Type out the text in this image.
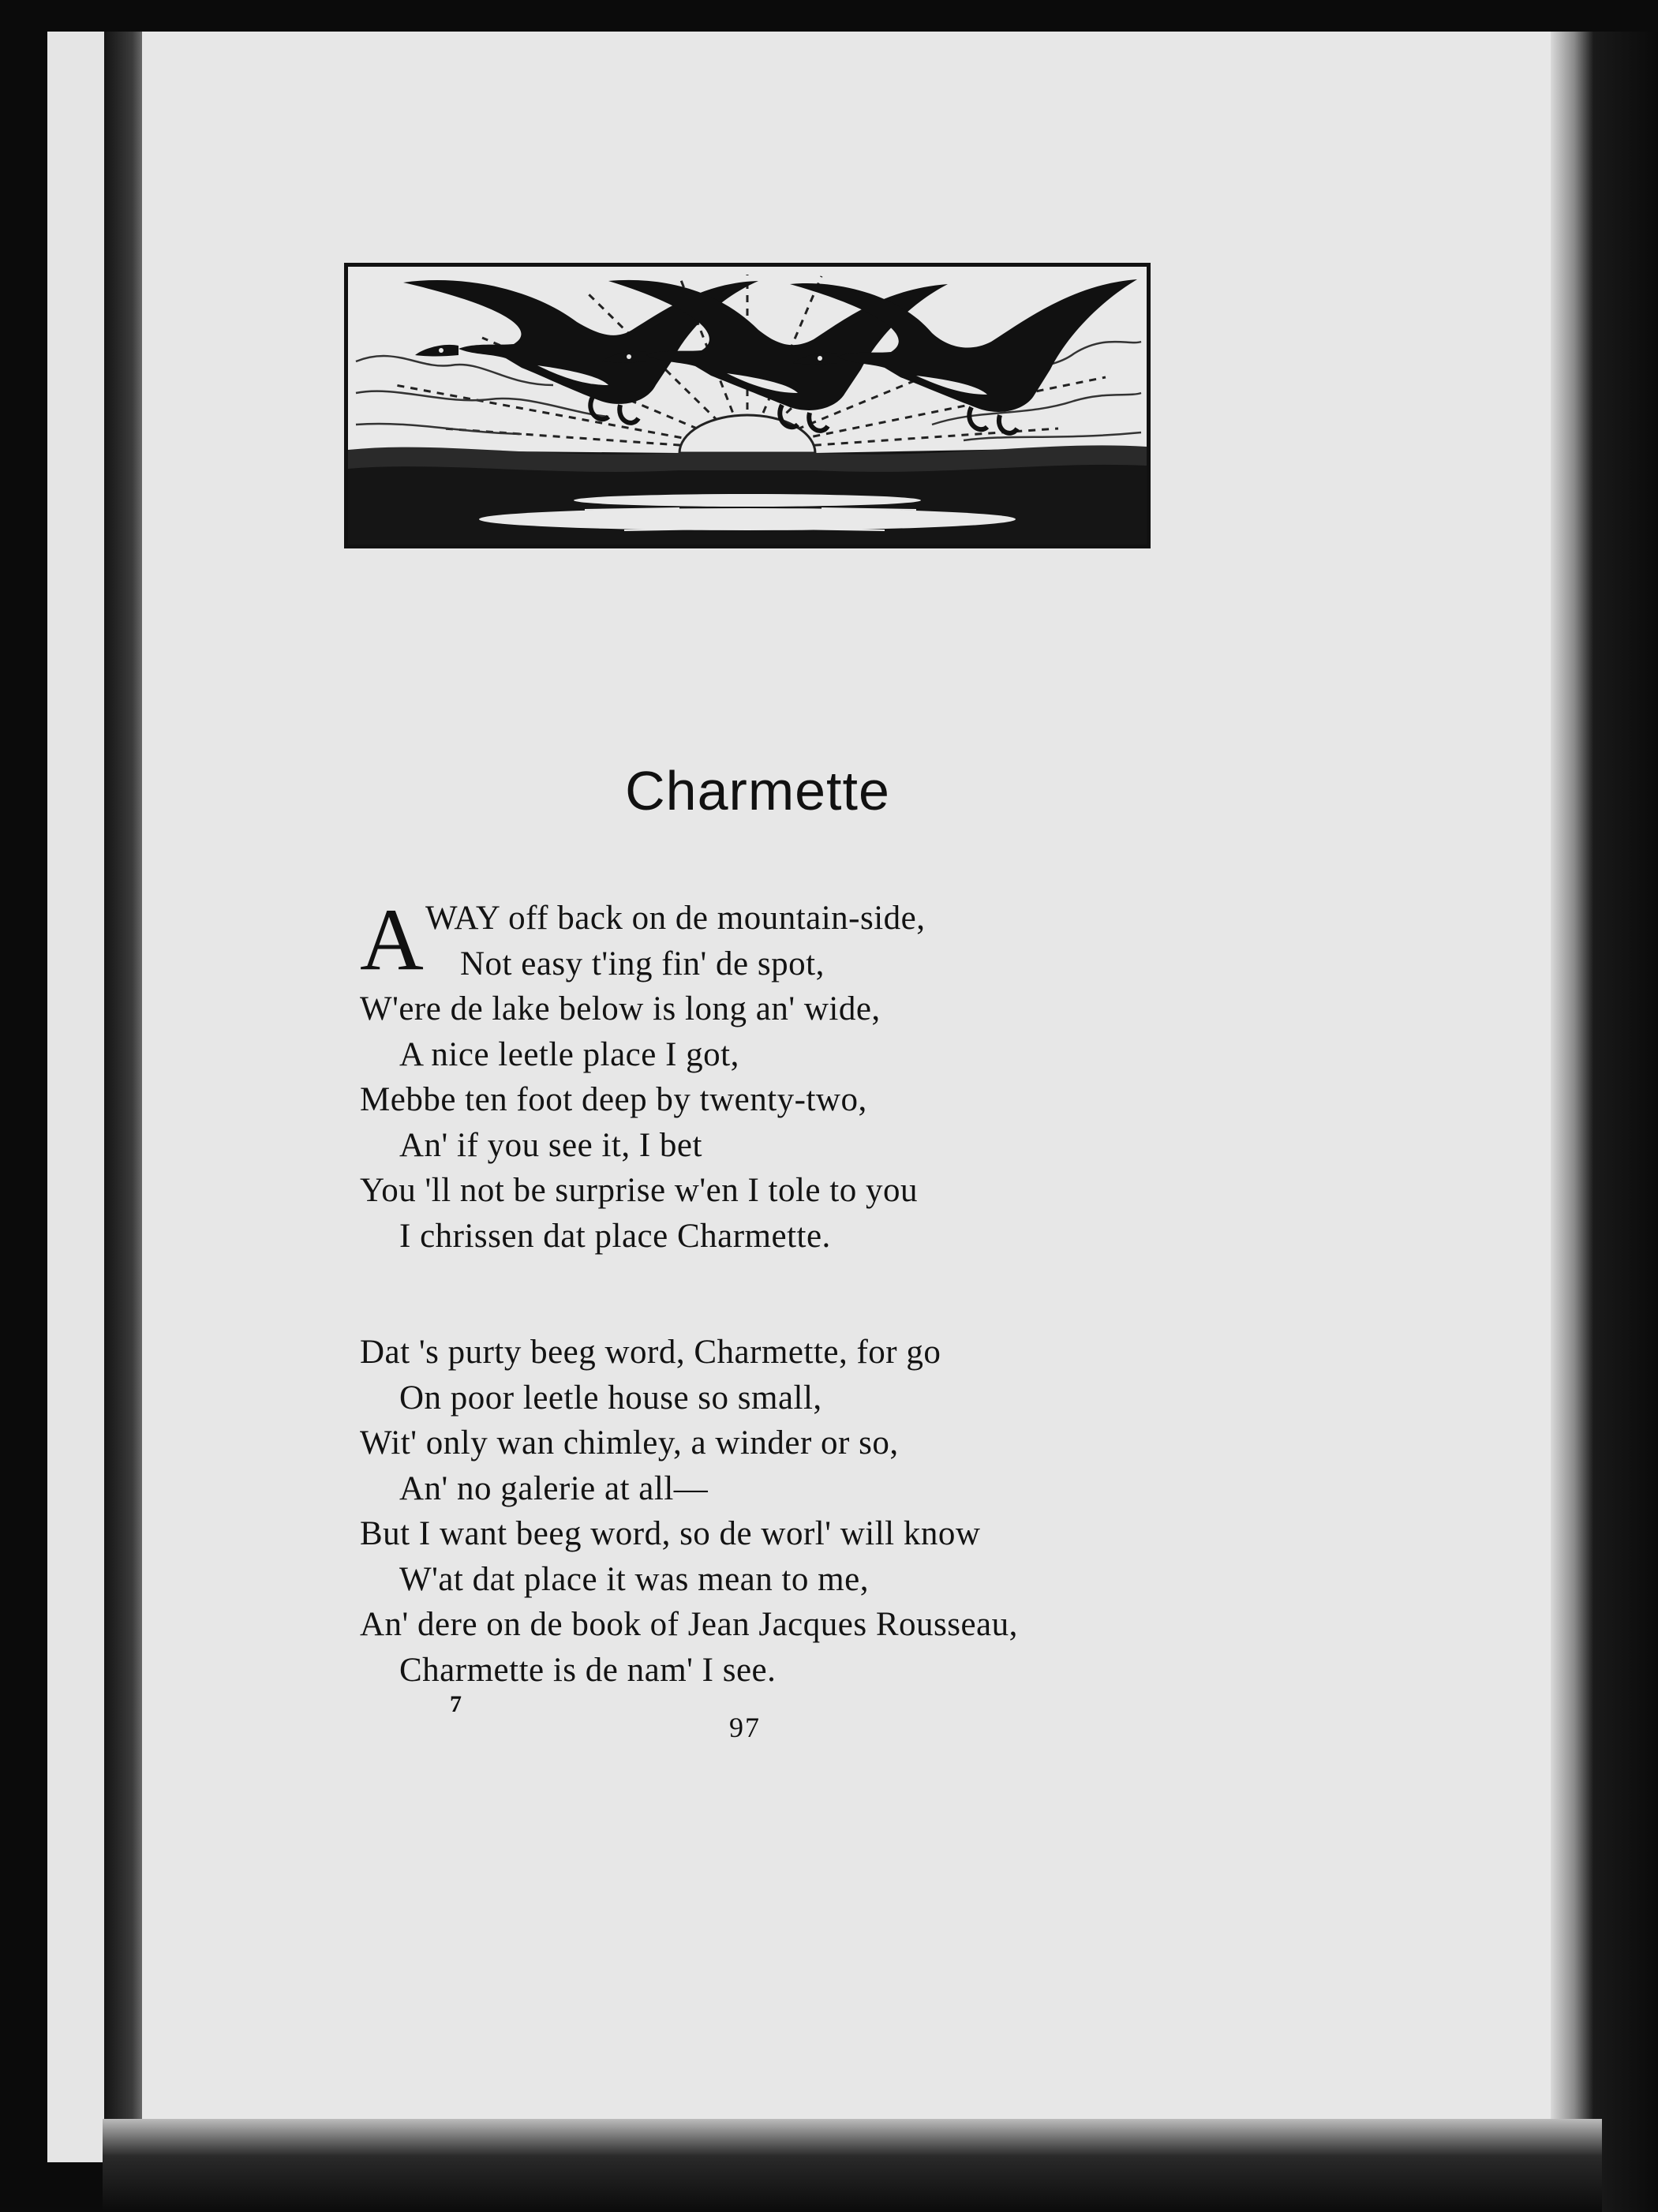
Charmette
A WAY off back on de mountain-side,
Not easy t'ing fin' de spot,
W'ere de lake below is long an' wide,
A nice leetle place I got,
Mebbe ten foot deep by twenty-two,
An' if you see it, I bet
You 'll not be surprise w'en I tole to you
I chrissen dat place Charmette.
Dat 's purty beeg word, Charmette, for go
On poor leetle house so small,
Wit' only wan chimley, a winder or so,
An' no galerie at all—
But I want beeg word, so de worl' will know
W'at dat place it was mean to me,
An' dere on de book of Jean Jacques Rousseau,
Charmette is de nam' I see.
7
97
